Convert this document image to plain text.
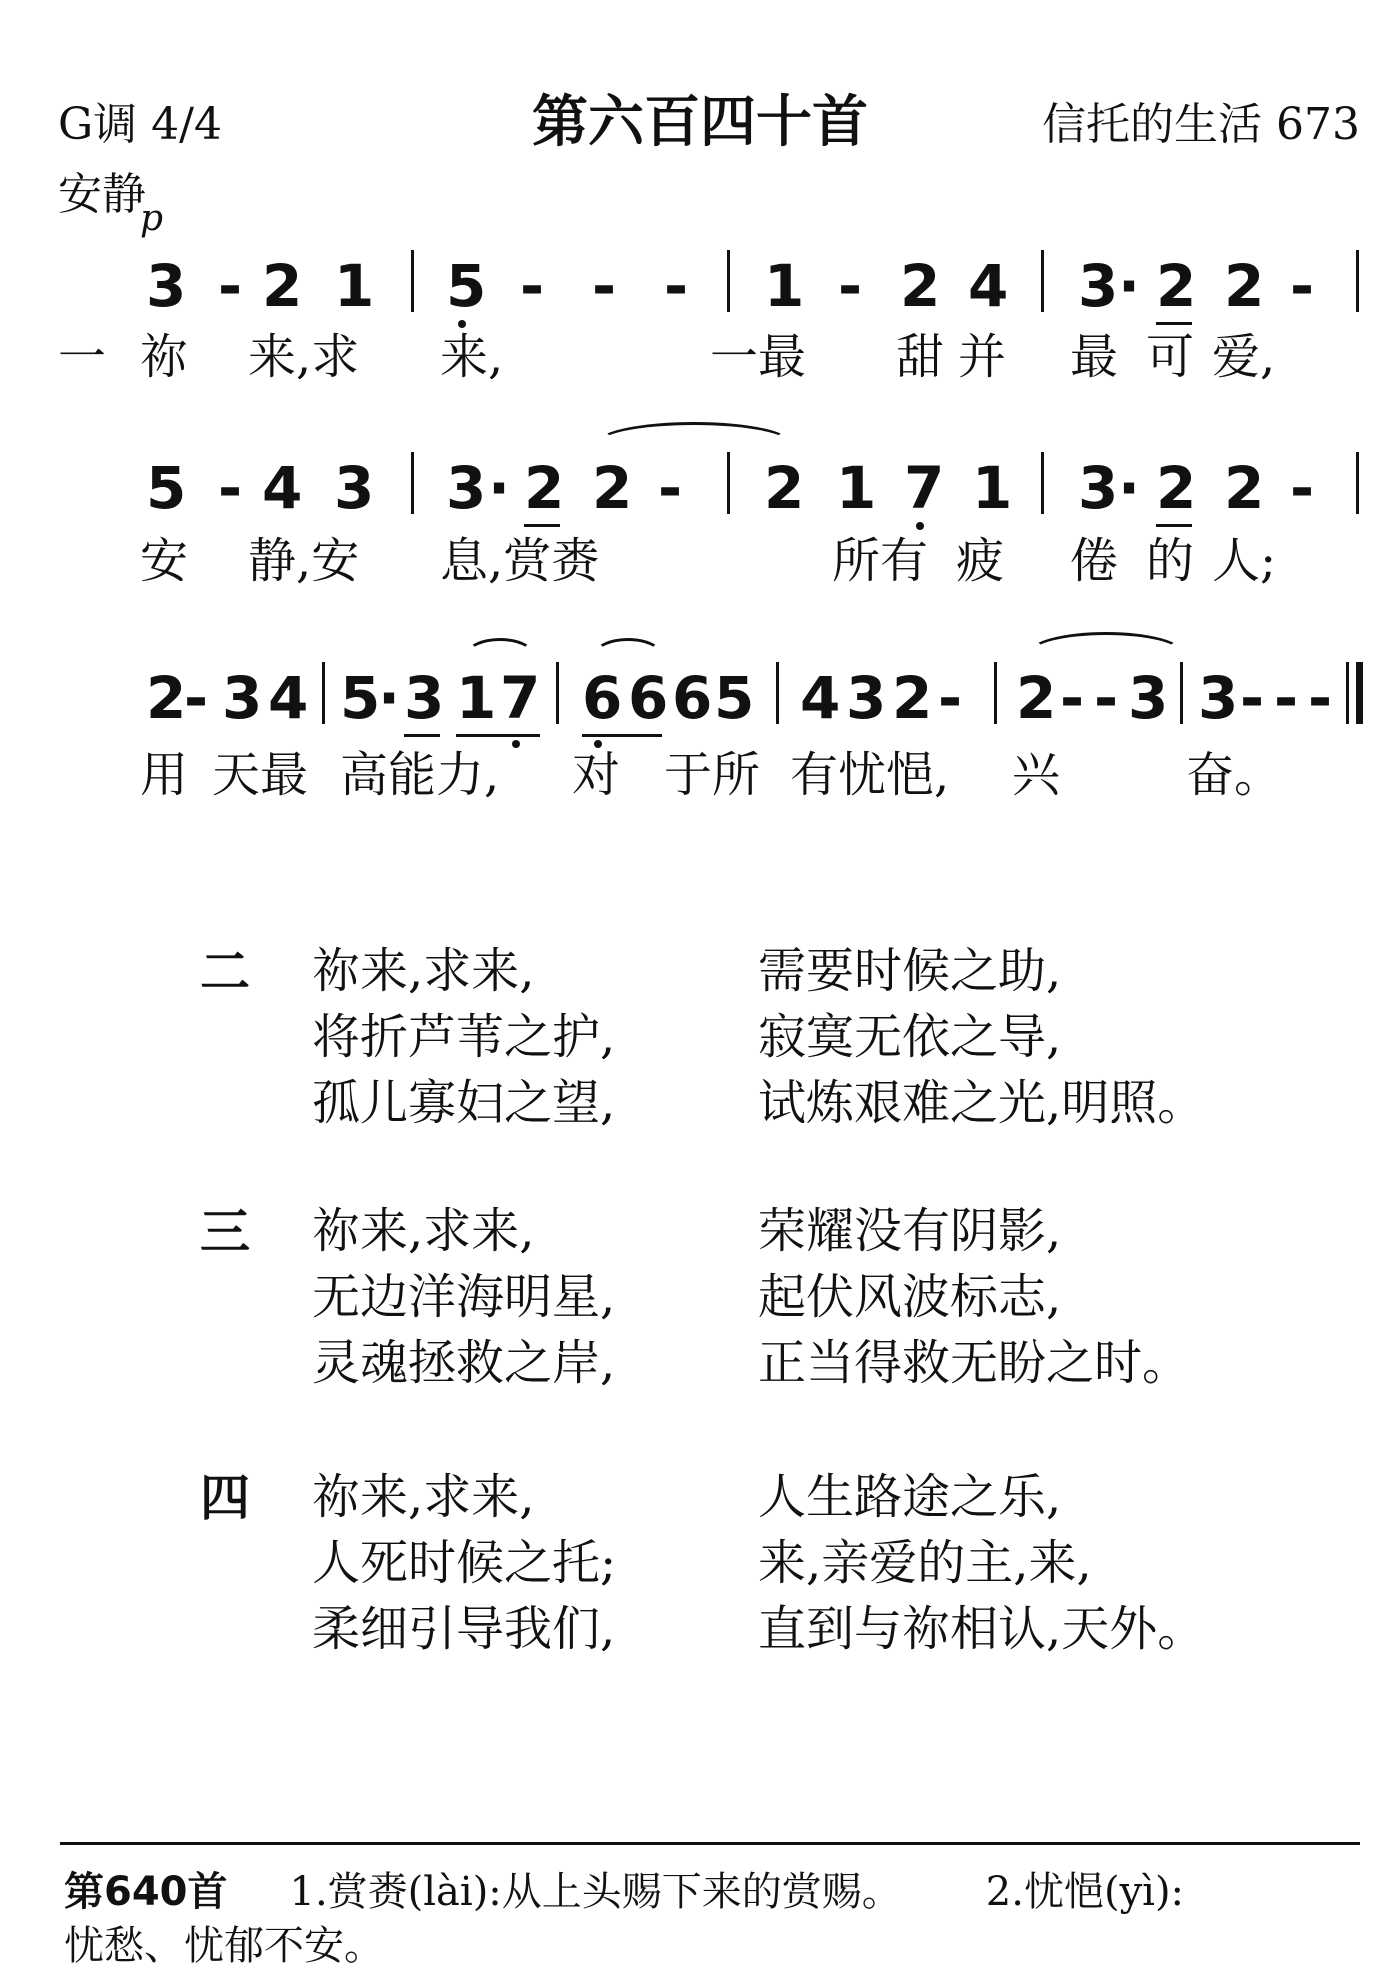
G调 4/4	第六百四十首	信托的生活 673
安静
p
3 - 2 1 5 - - - 1 - 2 4 3 · 2 2 -
一 祢 来,求 来,	一最 甜 并 最 可 爱,
5 - 4 3 3 · 2 2 - 2 1 7 1 3 · 2 2 -
安 静,安 息,赏赉	所 有 疲 倦 的 人;
2
- 3 4 5
· 3 1 7 6 6 6 5 4 3 2 - 2 - - 3 3 - - -
用 天最 高能力, 对 于所 有忧悒, 兴	奋。
二 祢来,求来,	需要时候之助,
将折芦苇之护,	寂寞无依之导,
孤儿寡妇之望,	试炼艰难之光,明照。
三 祢来,求来,	荣耀没有阴影,
无边洋海明星,	起伏风波标志,
灵魂拯救之岸,	正当得救无盼之时。
四 祢来,求来,	人生路途之乐,
人死时候之托;	来,亲爱的主,来,
柔细引导我们,	直到与祢相认,天外。
第640首 1.赏赉(lài):从上头赐下来的赏赐。 2.忧悒(yì):
忧愁、忧郁不安。
